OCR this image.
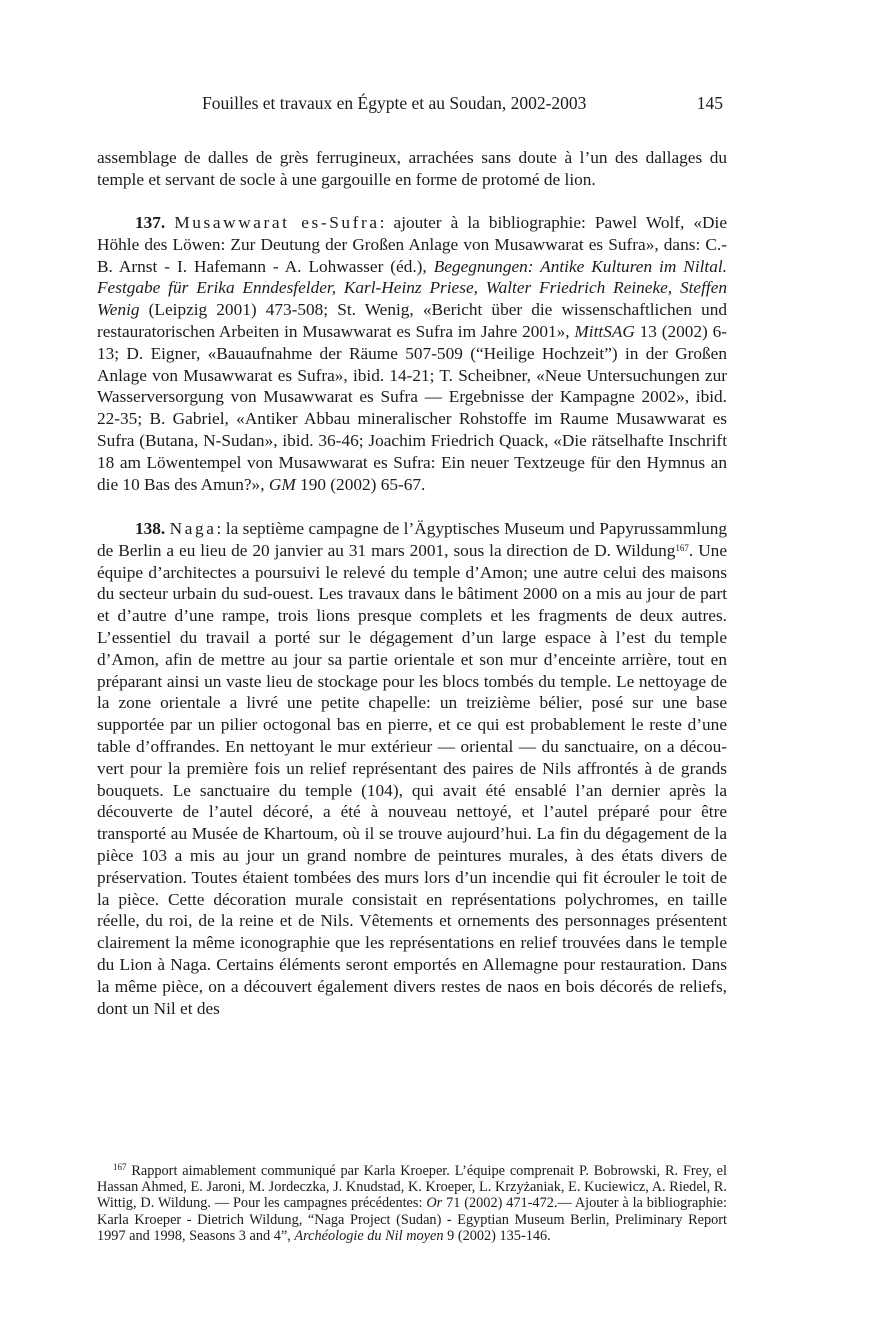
Fouilles et travaux en Égypte et au Soudan, 2002-2003	145

assemblage de dalles de grès ferrugineux, arrachées sans doute à l’un des dallages du temple et servant de socle à une gargouille en forme de protomé de lion.

137. Musawwarat es-Sufra: ajouter à la bibliographie: Pawel Wolf, «Die Höhle des Löwen: Zur Deutung der Großen Anlage von Musawwarat es Sufra», dans: C.-B. Arnst - I. Hafemann - A. Lohwasser (éd.), Begegnungen: Antike Kulturen im Niltal. Festgabe für Erika Enndesfelder, Karl-Heinz Priese, Walter Friedrich Reineke, Steffen Wenig (Leipzig 2001) 473-508; St. Wenig, «Bericht über die wissenschaftlichen und restauratorischen Arbeiten in Musawwarat es Sufra im Jahre 2001», MittSAG 13 (2002) 6-13; D. Eigner, «Bauaufnahme der Räume 507-509 (“Heilige Hochzeit”) in der Großen Anlage von Musawwarat es Sufra», ibid. 14-21; T. Scheibner, «Neue Untersuchungen zur Wasserversorgung von Musawwarat es Sufra — Ergebnisse der Kampagne 2002», ibid. 22-35; B. Gabriel, «Antiker Abbau mineralischer Rohstoffe im Raume Musawwarat es Sufra (Butana, N-Sudan», ibid. 36-46; Joachim Friedrich Quack, «Die rätselhafte Inschrift 18 am Löwentempel von Musawwarat es Sufra: Ein neuer Textzeuge für den Hymnus an die 10 Bas des Amun?», GM 190 (2002) 65-67.

138. Naga: la septième campagne de l’Ägyptisches Museum und Papyrussammlung de Berlin a eu lieu de 20 janvier au 31 mars 2001, sous la direction de D. Wildung$^{167}$. Une équipe d’architectes a poursuivi le relevé du temple d’Amon; une autre celui des maisons du secteur urbain du sud-ouest. Les travaux dans le bâtiment 2000 on a mis au jour de part et d’autre d’une rampe, trois lions presque complets et les fragments de deux autres. L’essentiel du travail a porté sur le dégagement d’un large espace à l’est du temple d’Amon, afin de mettre au jour sa partie orientale et son mur d’enceinte arrière, tout en préparant ainsi un vaste lieu de stockage pour les blocs tombés du temple. Le nettoyage de la zone orientale a livré une petite chapelle: un treizième bélier, posé sur une base supportée par un pilier octogonal bas en pierre, et ce qui est probablement le reste d’une table d’offrandes. En nettoyant le mur extérieur — oriental — du sanctuaire, on a découvert pour la première fois un relief représentant des paires de Nils affrontés à de grands bouquets. Le sanctuaire du temple (104), qui avait été ensablé l’an dernier après la découverte de l’autel décoré, a été à nouveau nettoyé, et l’autel préparé pour être transporté au Musée de Khartoum, où il se trouve aujourd’hui. La fin du dégagement de la pièce 103 a mis au jour un grand nombre de peintures murales, à des états divers de préservation. Toutes étaient tombées des murs lors d’un incendie qui fit écrouler le toit de la pièce. Cette décoration murale consistait en représentations polychromes, en taille réelle, du roi, de la reine et de Nils. Vêtements et ornements des personnages présentent clairement la même iconographie que les représentations en relief trouvées dans le temple du Lion à Naga. Certains éléments seront emportés en Allemagne pour restauration. Dans la même pièce, on a découvert également divers restes de naos en bois décorés de reliefs, dont un Nil et des

$^{167}$ Rapport aimablement communiqué par Karla Kroeper. L’équipe comprenait P. Bobrowski, R. Frey, el Hassan Ahmed, E. Jaroni, M. Jordeczka, J. Knudstad, K. Kroeper, L. Krzyżaniak, E. Kuciewicz, A. Riedel, R. Wittig, D. Wildung. — Pour les campagnes précédentes: Or 71 (2002) 471-472.— Ajouter à la bibliographie: Karla Kroeper - Dietrich Wildung, “Naga Project (Sudan) - Egyptian Museum Berlin, Preliminary Report 1997 and 1998, Seasons 3 and 4”, Archéologie du Nil moyen 9 (2002) 135-146.
